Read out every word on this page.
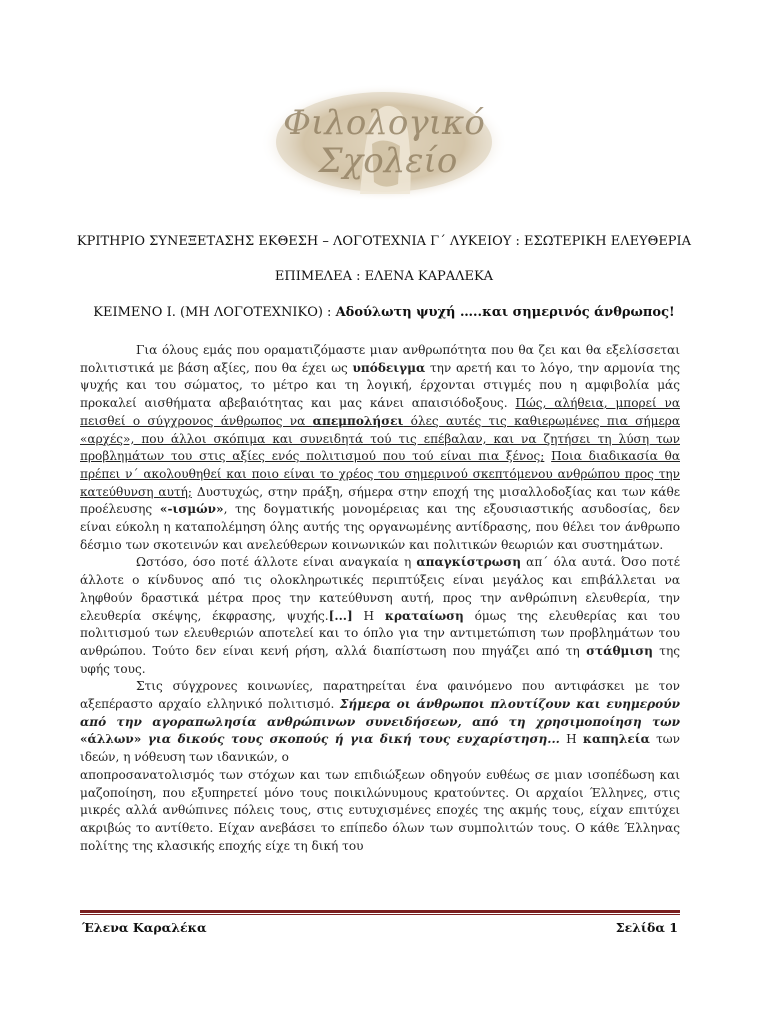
Φιλολογικό
Σχολείο
ΚΡΙΤΗΡΙΟ ΣΥΝΕΞΕΤΑΣΗΣ ΕΚΘΕΣΗ – ΛΟΓΟΤΕΧΝΙΑ Γ΄ ΛΥΚΕΙΟΥ : ΕΣΩΤΕΡΙΚΗ ΕΛΕΥΘΕΡΙΑ
ΕΠΙΜΕΛΕΑ : ΕΛΕΝΑ ΚΑΡΑΛΕΚΑ
ΚΕΙΜΕΝΟ Ι. (ΜΗ ΛΟΓΟΤΕΧΝΙΚΟ) : Αδούλωτη ψυχή …..και σημερινός άνθρωπος!

Για όλους εμάς που οραματιζόμαστε μιαν ανθρωπότητα που θα ζει και θα εξελίσσεται πολιτιστικά με βάση αξίες, που θα έχει ως υπόδειγμα την αρετή και το λόγο, την αρμονία της ψυχής και του σώματος, το μέτρο και τη λογική, έρχονται στιγμές που η αμφιβολία μάς προκαλεί αισθήματα αβεβαιότητας και μας κάνει απαισιόδοξους. Πώς, αλήθεια, μπορεί να πεισθεί ο σύγχρονος άνθρωπος να απεμπολήσει όλες αυτές τις καθιερωμένες πια σήμερα «αρχές», που άλλοι σκόπιμα και συνειδητά τού τις επέβαλαν, και να ζητήσει τη λύση των προβλημάτων του στις αξίες ενός πολιτισμού που τού είναι πια ξένος; Ποια διαδικασία θα πρέπει ν΄ ακολουθηθεί και ποιο είναι το χρέος του σημερινού σκεπτόμενου ανθρώπου προς την κατεύθυνση αυτή; Δυστυχώς, στην πράξη, σήμερα στην εποχή της μισαλλοδοξίας και των κάθε προέλευσης «-ισμών», της δογματικής μονομέρειας και της εξουσιαστικής ασυδοσίας, δεν είναι εύκολη η καταπολέμηση όλης αυτής της οργανωμένης αντίδρασης, που θέλει τον άνθρωπο δέσμιο των σκοτεινών και ανελεύθερων κοινωνικών και πολιτικών θεωριών και συστημάτων.

Ωστόσο, όσο ποτέ άλλοτε είναι αναγκαία η απαγκίστρωση απ΄ όλα αυτά. Όσο ποτέ άλλοτε ο κίνδυνος από τις ολοκληρωτικές περιπτύξεις είναι μεγάλος και επιβάλλεται να ληφθούν δραστικά μέτρα προς την κατεύθυνση αυτή, προς την ανθρώπινη ελευθερία, την ελευθερία σκέψης, έκφρασης, ψυχής.[...] Η κραταίωση όμως της ελευθερίας και του πολιτισμού των ελευθεριών αποτελεί και το όπλο για την αντιμετώπιση των προβλημάτων του ανθρώπου. Τούτο δεν είναι κενή ρήση, αλλά διαπίστωση που πηγάζει από τη στάθμιση της υφής τους.

Στις σύγχρονες κοινωνίες, παρατηρείται ένα φαινόμενο που αντιφάσκει με τον αξεπέραστο αρχαίο ελληνικό πολιτισμό. Σήμερα οι άνθρωποι πλουτίζουν και ευημερούν από την αγοραπωλησία ανθρώπινων συνειδήσεων, από τη χρησιμοποίηση των «άλλων» για δικούς τους σκοπούς ή για δική τους ευχαρίστηση... Η καπηλεία των ιδεών, η νόθευση των ιδανικών, ο

αποπροσανατολισμός των στόχων και των επιδιώξεων οδηγούν ευθέως σε μιαν ισοπέδωση και μαζοποίηση, που εξυπηρετεί μόνο τους ποικιλώνυμους κρατούντες. Οι αρχαίοι Έλληνες, στις μικρές αλλά ανθώπινες πόλεις τους, στις ευτυχισμένες εποχές της ακμής τους, είχαν επιτύχει ακριβώς το αντίθετο. Είχαν ανεβάσει το επίπεδο όλων των συμπολιτών τους. Ο κάθε Έλληνας πολίτης της κλασικής εποχής είχε τη δική του

Έλενα Καραλέκα	Σελίδα 1
